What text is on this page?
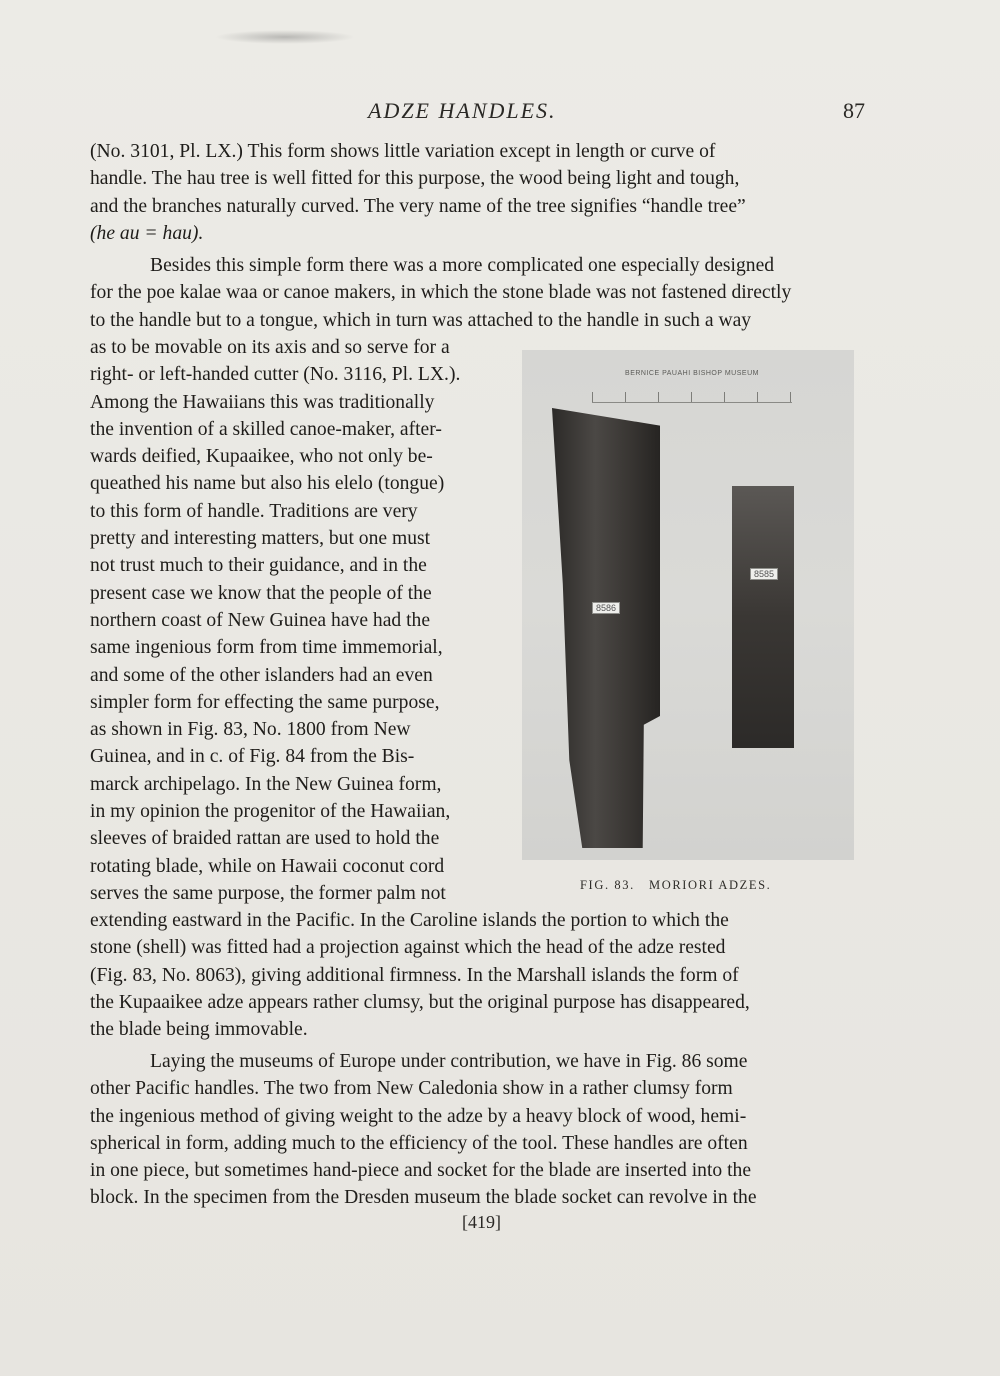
ADZE HANDLES.	87
(No. 3101, Pl. LX.) This form shows little variation except in length or curve of
handle. The hau tree is well fitted for this purpose, the wood being light and tough,
and the branches naturally curved. The very name of the tree signifies “handle tree”
(he au = hau).
Besides this simple form there was a more complicated one especially designed
for the poe kalae waa or canoe makers, in which the stone blade was not fastened directly
to the handle but to a tongue, which in turn was attached to the handle in such a way
as to be movable on its axis and so serve for a
right- or left-handed cutter (No. 3116, Pl. LX.).
Among the Hawaiians this was traditionally
the invention of a skilled canoe-maker, after-
wards deified, Kupaaikee, who not only be-
queathed his name but also his elelo (tongue)
to this form of handle. Traditions are very
pretty and interesting matters, but one must
not trust much to their guidance, and in the
present case we know that the people of the
northern coast of New Guinea have had the
same ingenious form from time immemorial,
and some of the other islanders had an even
simpler form for effecting the same purpose,
as shown in Fig. 83, No. 1800 from New
Guinea, and in c. of Fig. 84 from the Bis-
marck archipelago. In the New Guinea form,
in my opinion the progenitor of the Hawaiian,
sleeves of braided rattan are used to hold the
rotating blade, while on Hawaii coconut cord
serves the same purpose, the former palm not
BERNICE PAUAHI BISHOP MUSEUM
8586
8585
FIG. 83.   MORIORI ADZES.
extending eastward in the Pacific. In the Caroline islands the portion to which the
stone (shell) was fitted had a projection against which the head of the adze rested
(Fig. 83, No. 8063), giving additional firmness. In the Marshall islands the form of
the Kupaaikee adze appears rather clumsy, but the original purpose has disappeared,
the blade being immovable.
Laying the museums of Europe under contribution, we have in Fig. 86 some
other Pacific handles. The two from New Caledonia show in a rather clumsy form
the ingenious method of giving weight to the adze by a heavy block of wood, hemi-
spherical in form, adding much to the efficiency of the tool. These handles are often
in one piece, but sometimes hand-piece and socket for the blade are inserted into the
block. In the specimen from the Dresden museum the blade socket can revolve in the
[419]
